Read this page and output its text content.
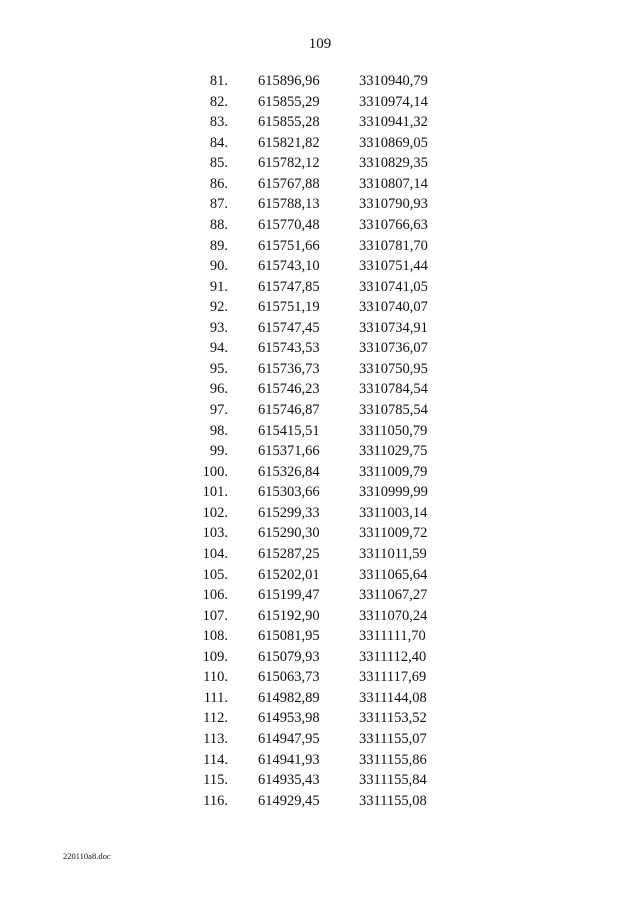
109
81. 615896,96	3310940,79
82. 615855,29	3310974,14
83. 615855,28	3310941,32
84. 615821,82	3310869,05
85. 615782,12	3310829,35
86. 615767,88	3310807,14
87. 615788,13	3310790,93
88. 615770,48	3310766,63
89. 615751,66	3310781,70
90. 615743,10	3310751,44
91. 615747,85	3310741,05
92. 615751,19	3310740,07
93. 615747,45	3310734,91
94. 615743,53	3310736,07
95. 615736,73	3310750,95
96. 615746,23	3310784,54
97. 615746,87	3310785,54
98. 615415,51	3311050,79
99. 615371,66	3311029,75
100. 615326,84	3311009,79
101. 615303,66	3310999,99
102. 615299,33	3311003,14
103. 615290,30	3311009,72
104. 615287,25	3311011,59
105. 615202,01	3311065,64
106. 615199,47	3311067,27
107. 615192,90	3311070,24
108. 615081,95	3311111,70
109. 615079,93	3311112,40
110. 615063,73	3311117,69
111. 614982,89	3311144,08
112. 614953,98	3311153,52
113. 614947,95	3311155,07
114. 614941,93	3311155,86
115. 614935,43	3311155,84
116. 614929,45	3311155,08
220110a8.doc
